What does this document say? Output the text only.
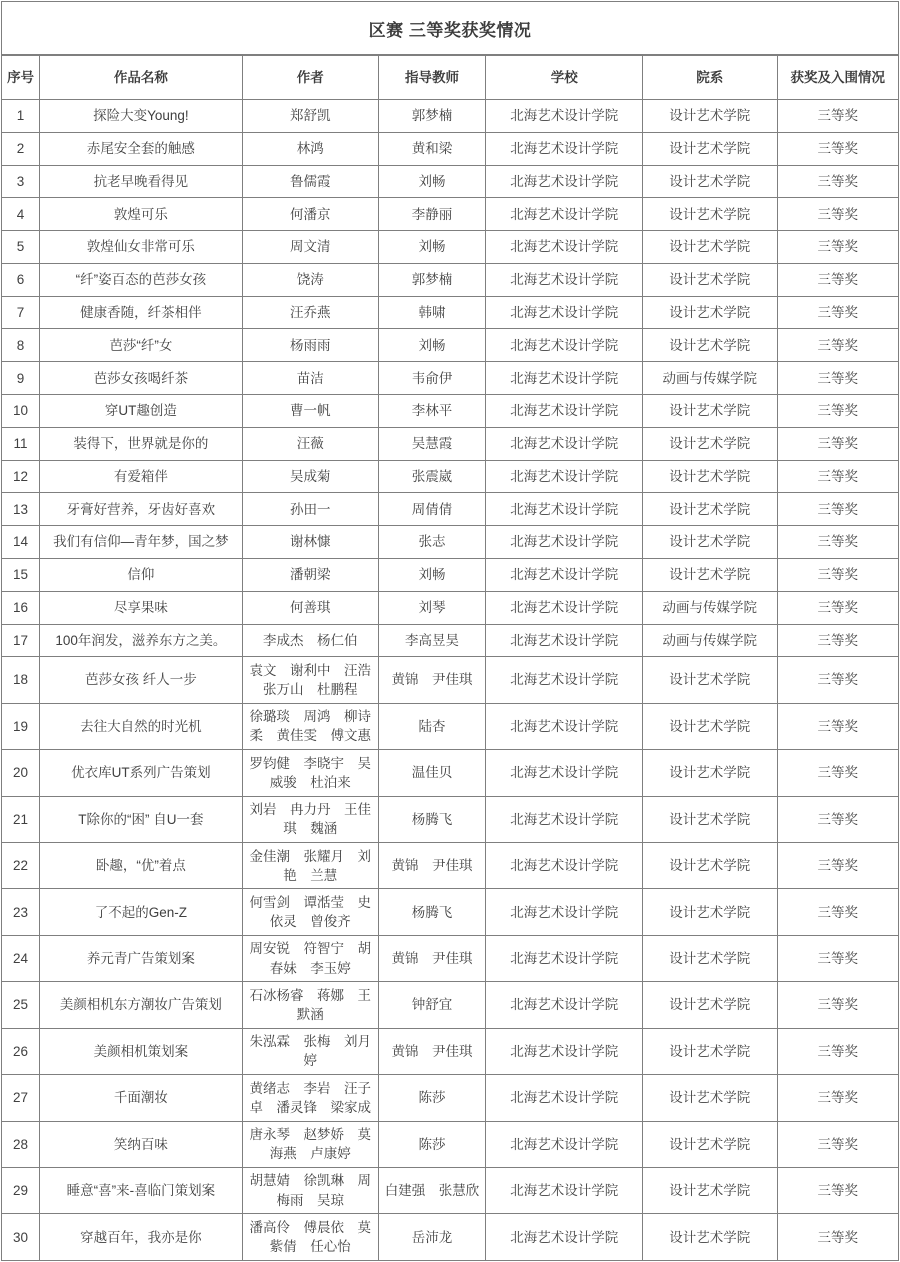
区赛 三等奖获奖情况
序号	作品名称	作者	指导教师	学校	院系	获奖及入围情况
1	探险大变Young!	郑舒凯	郭梦楠	北海艺术设计学院	设计艺术学院	三等奖
2	赤尾安全套的触感	林鸿	黄和梁	北海艺术设计学院	设计艺术学院	三等奖
3	抗老早晚看得见	鲁儒霞	刘畅	北海艺术设计学院	设计艺术学院	三等奖
4	敦煌可乐	何潘京	李静丽	北海艺术设计学院	设计艺术学院	三等奖
5	敦煌仙女非常可乐	周文清	刘畅	北海艺术设计学院	设计艺术学院	三等奖
6	“纤”姿百态的芭莎女孩	饶涛	郭梦楠	北海艺术设计学院	设计艺术学院	三等奖
7	健康香随，纤茶相伴	汪乔燕	韩啸	北海艺术设计学院	设计艺术学院	三等奖
8	芭莎“纤”女	杨雨雨	刘畅	北海艺术设计学院	设计艺术学院	三等奖
9	芭莎女孩喝纤茶	苗洁	韦俞伊	北海艺术设计学院	动画与传媒学院	三等奖
10	穿UT趣创造	曹一帆	李林平	北海艺术设计学院	设计艺术学院	三等奖
11	装得下，世界就是你的	汪薇	吴慧霞	北海艺术设计学院	设计艺术学院	三等奖
12	有爱箱伴	吴成菊	张震崴	北海艺术设计学院	设计艺术学院	三等奖
13	牙膏好营养，牙齿好喜欢	孙田一	周倩倩	北海艺术设计学院	设计艺术学院	三等奖
14	我们有信仰—青年梦，国之梦	谢林慷	张志	北海艺术设计学院	设计艺术学院	三等奖
15	信仰	潘朝梁	刘畅	北海艺术设计学院	设计艺术学院	三等奖
16	尽享果味	何善琪	刘琴	北海艺术设计学院	动画与传媒学院	三等奖
17	100年润发，滋养东方之美。	李成杰　杨仁伯	李高昱昊	北海艺术设计学院	动画与传媒学院	三等奖
18	芭莎女孩 纤人一步	袁文　谢利中　汪浩　张万山　杜鹏程	黄锦　尹佳琪	北海艺术设计学院	设计艺术学院	三等奖
19	去往大自然的时光机	徐璐琰　周鸿　柳诗柔　黄佳雯　傅文惠	陆杏	北海艺术设计学院	设计艺术学院	三等奖
20	优衣库UT系列广告策划	罗钧健　李晓宇　吴威骏　杜泊来	温佳贝	北海艺术设计学院	设计艺术学院	三等奖
21	T除你的“困” 自U一套	刘岩　冉力丹　王佳琪　魏涵	杨腾飞	北海艺术设计学院	设计艺术学院	三等奖
22	卧趣，“优”着点	金佳潮　张耀月　刘艳　兰慧	黄锦　尹佳琪	北海艺术设计学院	设计艺术学院	三等奖
23	了不起的Gen-Z	何雪剑　谭湉莹　史依灵　曾俊齐	杨腾飞	北海艺术设计学院	设计艺术学院	三等奖
24	养元青广告策划案	周安锐　符智宁　胡春妹　李玉婷	黄锦　尹佳琪	北海艺术设计学院	设计艺术学院	三等奖
25	美颜相机东方潮妆广告策划	石冰杨睿　蒋娜　王默涵	钟舒宜	北海艺术设计学院	设计艺术学院	三等奖
26	美颜相机策划案	朱泓霖　张梅　刘月婷	黄锦　尹佳琪	北海艺术设计学院	设计艺术学院	三等奖
27	千面潮妆	黄绪志　李岩　汪子卓　潘灵锋　梁家成	陈莎	北海艺术设计学院	设计艺术学院	三等奖
28	笑纳百味	唐永琴　赵梦娇　莫海燕　卢康婷	陈莎	北海艺术设计学院	设计艺术学院	三等奖
29	睡意“喜”来-喜临门策划案	胡慧婧　徐凯琳　周梅雨　吴琼	白建强　张慧欣	北海艺术设计学院	设计艺术学院	三等奖
30	穿越百年，我亦是你	潘高伶　傅晨依　莫紫倩　任心怡	岳沛龙	北海艺术设计学院	设计艺术学院	三等奖
